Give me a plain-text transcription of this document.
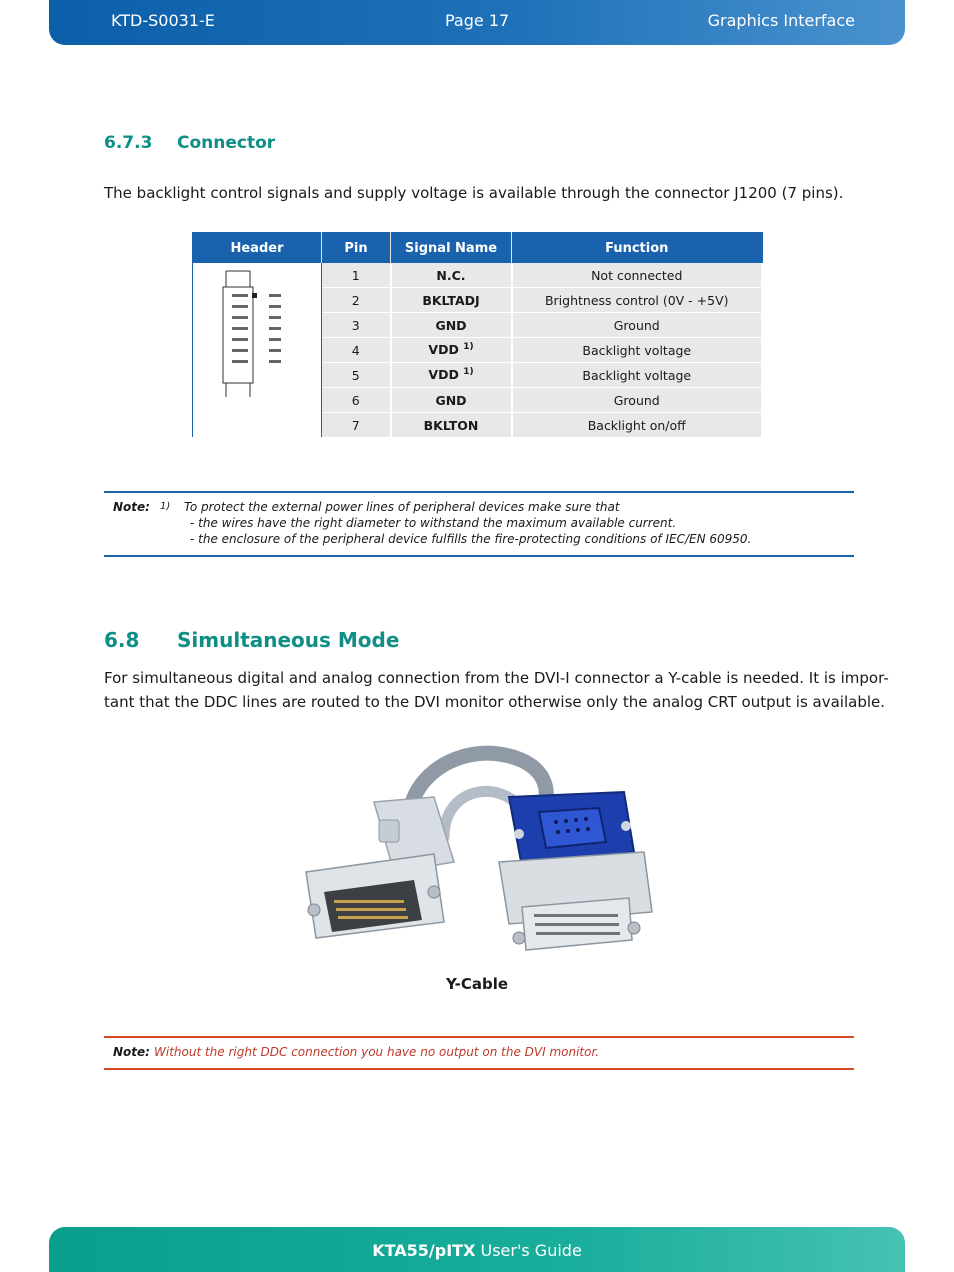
KTD-S0031-E	Page 17	Graphics Interface
6.7.3 Connector
The backlight control signals and supply voltage is available through the connector J1200 (7 pins).
Header	Pin	Signal Name	Function
	1	N.C.	Not connected
	2	BKLTADJ	Brightness control (0V - +5V)
	3	GND	Ground
	4	VDD $^{1)}$	Backlight voltage
	5	VDD $^{1)}$	Backlight voltage
	6	GND	Ground
	7	BKLTON	Backlight on/off
Note: 1) To protect the external power lines of peripheral devices make sure that
- the wires have the right diameter to withstand the maximum available current.
- the enclosure of the peripheral device fulfills the fire-protecting conditions of IEC/EN 60950.
6.8 Simultaneous Mode
For simultaneous digital and analog connection from the DVI-I connector a Y-cable is needed. It is impor-
tant that the DDC lines are routed to the DVI monitor otherwise only the analog CRT output is available.
Y-Cable
Note: Without the right DDC connection you have no output on the DVI monitor.
KTA55/pITX User's Guide
